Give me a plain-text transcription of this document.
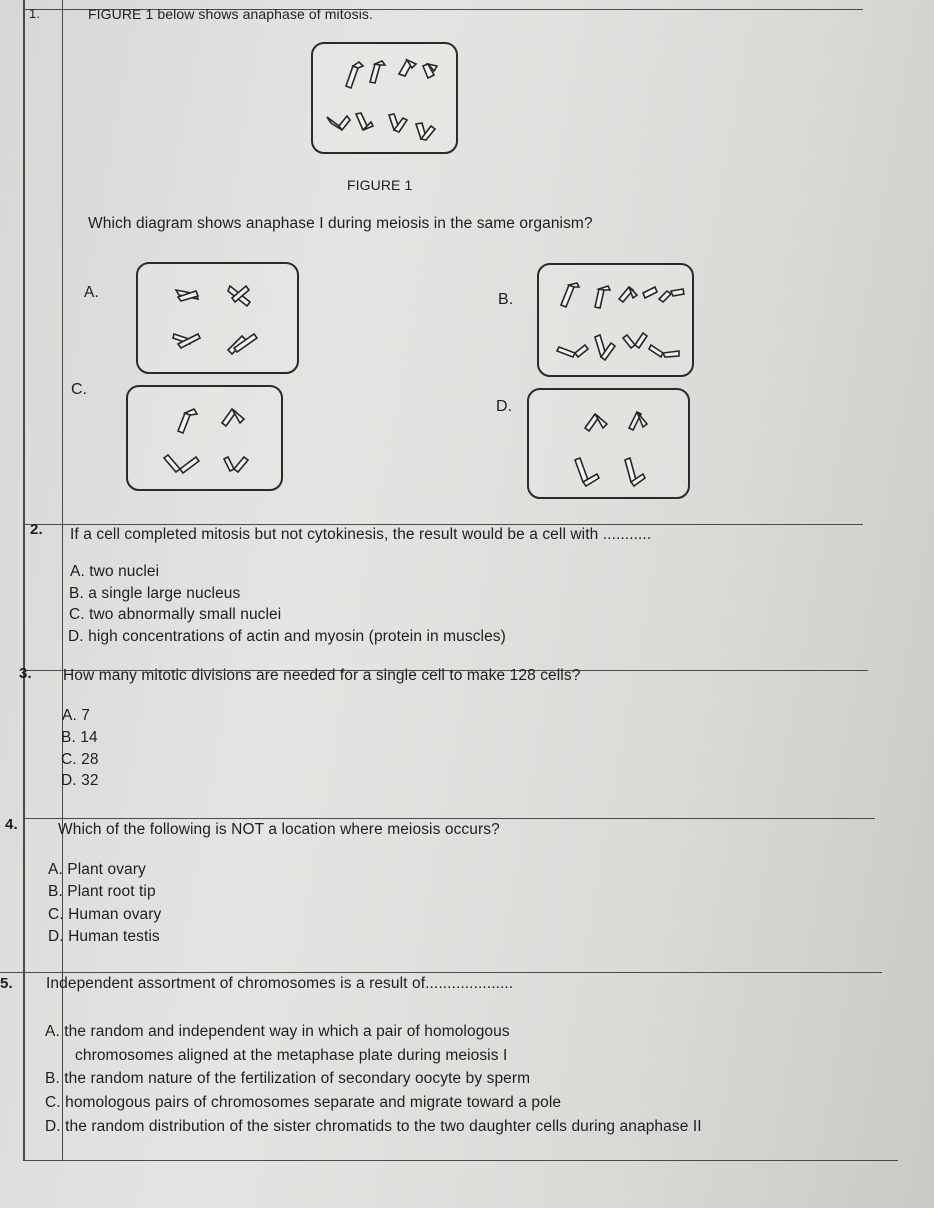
1.	FIGURE 1 below shows anaphase of mitosis.
FIGURE 1
Which diagram shows anaphase I during meiosis in the same organism?
A.	B.
C.
D.
2. If a cell completed mitosis but not cytokinesis, the result would be a cell with ...........
A. two nuclei
B. a single large nucleus
C. two abnormally small nuclei
D. high concentrations of actin and myosin (protein in muscles)
3. How many mitotic divisions are needed for a single cell to make 128 cells?
A. 7
B. 14
C. 28
D. 32
4.	Which of the following is NOT a location where meiosis occurs?
A. Plant ovary
B. Plant root tip
C. Human ovary
D. Human testis
5. Independent assortment of chromosomes is a result of....................
A. the random and independent way in which a pair of homologous
chromosomes aligned at the metaphase plate during meiosis I
B. the random nature of the fertilization of secondary oocyte by sperm
C. homologous pairs of chromosomes separate and migrate toward a pole
D. the random distribution of the sister chromatids to the two daughter cells during anaphase II
